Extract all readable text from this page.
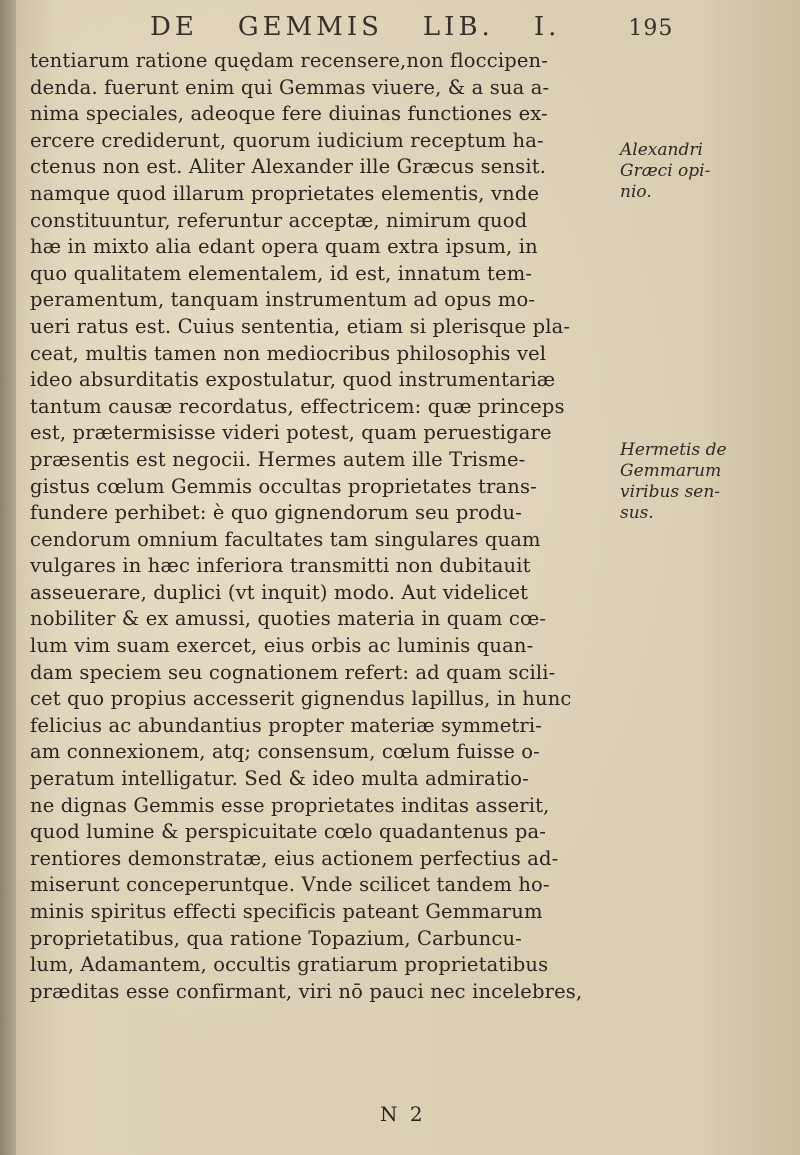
DE GEMMIS LIB. I.	195
tentiarum ratione quędam recensere,non floccipen-
denda. fuerunt enim qui Gemmas viuere, & a sua a-
nima speciales, adeoque fere diuinas functiones ex-
ercere crediderunt, quorum iudicium receptum ha-
ctenus non est. Aliter Alexander ille Græcus sensit.
namque quod illarum proprietates elementis, vnde
constituuntur, referuntur acceptæ, nimirum quod
hæ in mixto alia edant opera quam extra ipsum, in
quo qualitatem elementalem, id est, innatum tem-
peramentum, tanquam instrumentum ad opus mo-
ueri ratus est. Cuius sententia, etiam si plerisque pla-
ceat, multis tamen non mediocribus philosophis vel
ideo absurditatis expostulatur, quod instrumentariæ
tantum causæ recordatus, effectricem: quæ princeps
est, prætermisisse videri potest, quam peruestigare
præsentis est negocii. Hermes autem ille Trisme-
gistus cœlum Gemmis occultas proprietates trans-
fundere perhibet: è quo gignendorum seu produ-
cendorum omnium facultates tam singulares quam
vulgares in hæc inferiora transmitti non dubitauit
asseuerare, duplici (vt inquit) modo. Aut videlicet
nobiliter & ex amussi, quoties materia in quam cœ-
lum vim suam exercet, eius orbis ac luminis quan-
dam speciem seu cognationem refert: ad quam scili-
cet quo propius accesserit gignendus lapillus, in hunc
felicius ac abundantius propter materiæ symmetri-
am connexionem, atq; consensum, cœlum fuisse o-
peratum intelligatur. Sed & ideo multa admiratio-
ne dignas Gemmis esse proprietates inditas asserit,
quod lumine & perspicuitate cœlo quadantenus pa-
rentiores demonstratæ, eius actionem perfectius ad-
miserunt conceperuntque. Vnde scilicet tandem ho-
minis spiritus effecti specificis pateant Gemmarum
proprietatibus, qua ratione Topazium, Carbuncu-
lum, Adamantem, occultis gratiarum proprietatibus
præditas esse confirmant, viri nō pauci nec incelebres,
N 2
Alexandri
Græci opi-
nio.
Hermetis de
Gemmarum
viribus sen-
sus.
